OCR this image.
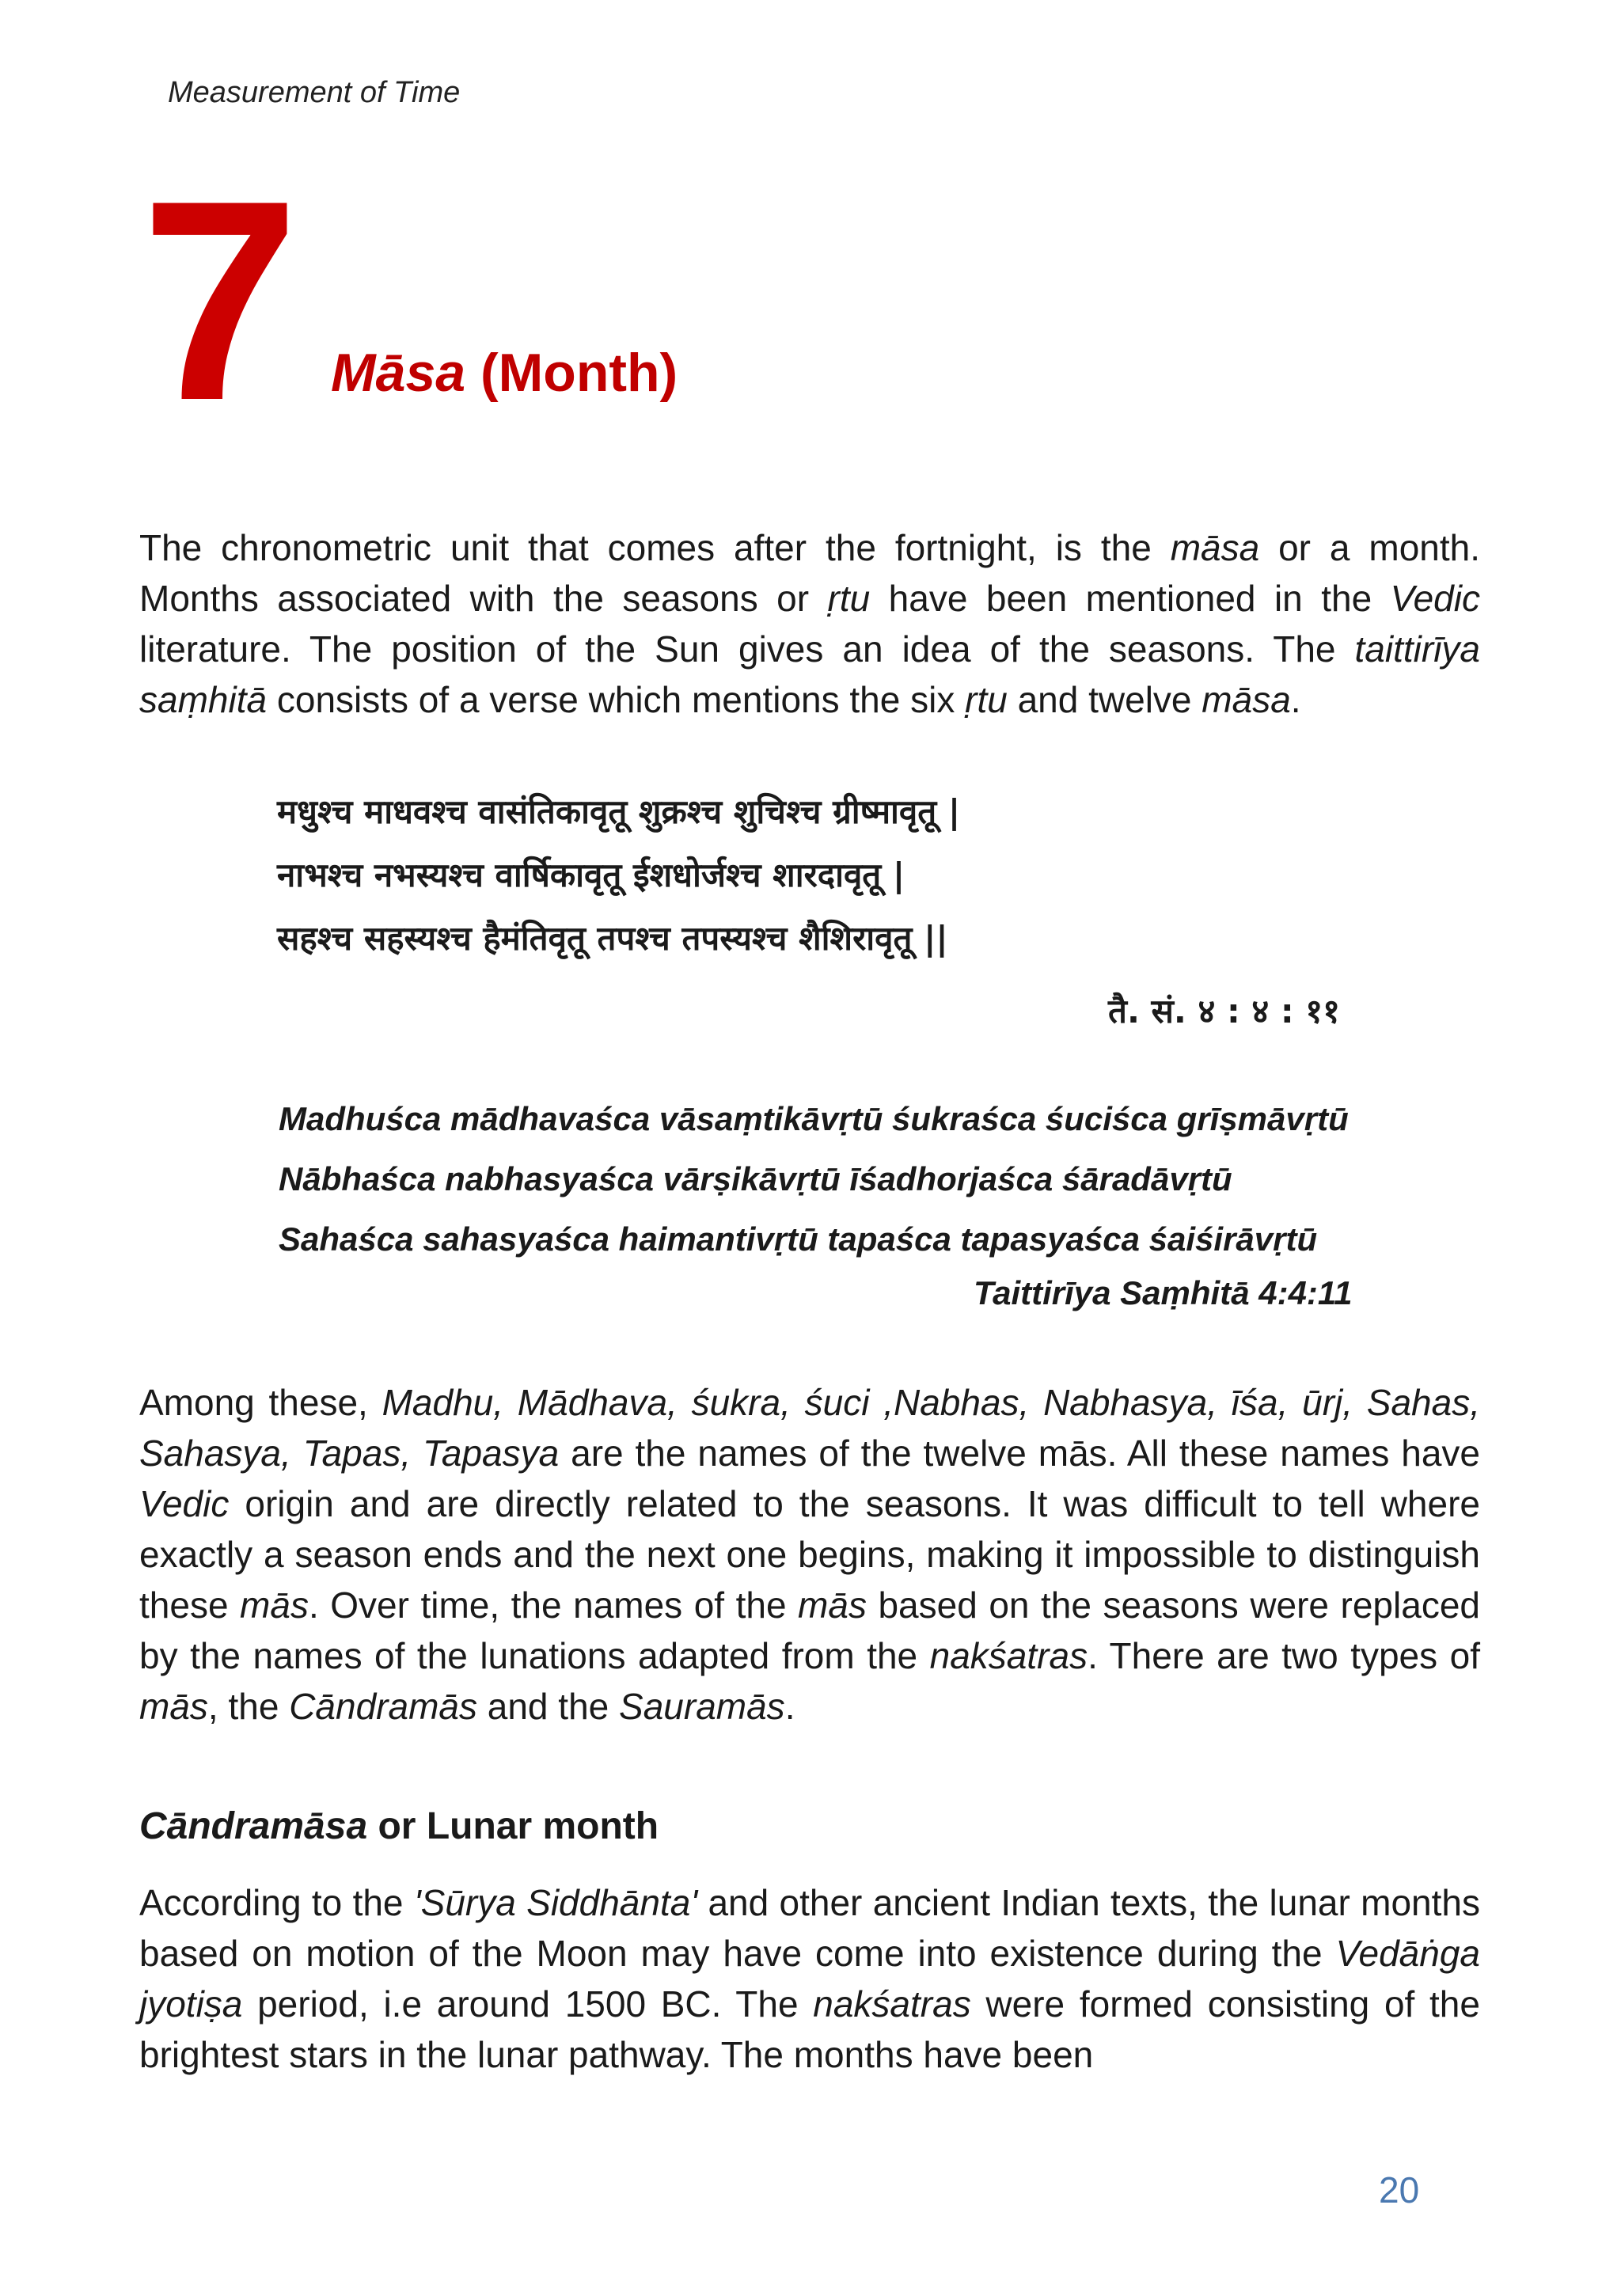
Measurement of Time
7 Māsa (Month)

The chronometric unit that comes after the fortnight, is the māsa or a month. Months associated with the seasons or ṛtu have been mentioned in the Vedic literature. The position of the Sun gives an idea of the seasons. The taittirīya saṃhitā consists of a verse which mentions the six ṛtu and twelve māsa.

मधुश्च माधवश्च वासंतिकावृतू शुक्रश्च शुचिश्च ग्रीष्मावृतू |
नाभश्च नभस्यश्च वार्षिकावृतू ईशधोर्जश्च शारदावृतू |
सहश्च सहस्यश्च हैमंतिवृतू तपश्च तपस्यश्च शैशिरावृतू ||
तै. सं. ४ : ४ : ११
Madhuśca mādhavaśca vāsaṃtikāvṛtū śukraśca śuciśca grīṣmāvṛtū
Nābhaśca nabhasyaśca vārṣikāvṛtū īśadhorjaśca śāradāvṛtū
Sahaśca sahasyaśca haimantivṛtū tapaśca tapasyaśca śaiśirāvṛtū
Taittirīya Saṃhitā 4:4:11

Among these, Madhu, Mādhava, śukra, śuci ,Nabhas, Nabhasya, īśa, ūrj, Sahas, Sahasya, Tapas, Tapasya are the names of the twelve mās. All these names have Vedic origin and are directly related to the seasons. It was difficult to tell where exactly a season ends and the next one begins, making it impossible to distinguish these mās. Over time, the names of the mās based on the seasons were replaced by the names of the lunations adapted from the nakśatras. There are two types of mās, the Cāndramās and the Sauramās.

Cāndramāsa or Lunar month

According to the 'Sūrya Siddhānta' and other ancient Indian texts, the lunar months based on motion of the Moon may have come into existence during the Vedāṅga jyotiṣa period, i.e around 1500 BC. The nakśatras were formed consisting of the brightest stars in the lunar pathway. The months have been

20
